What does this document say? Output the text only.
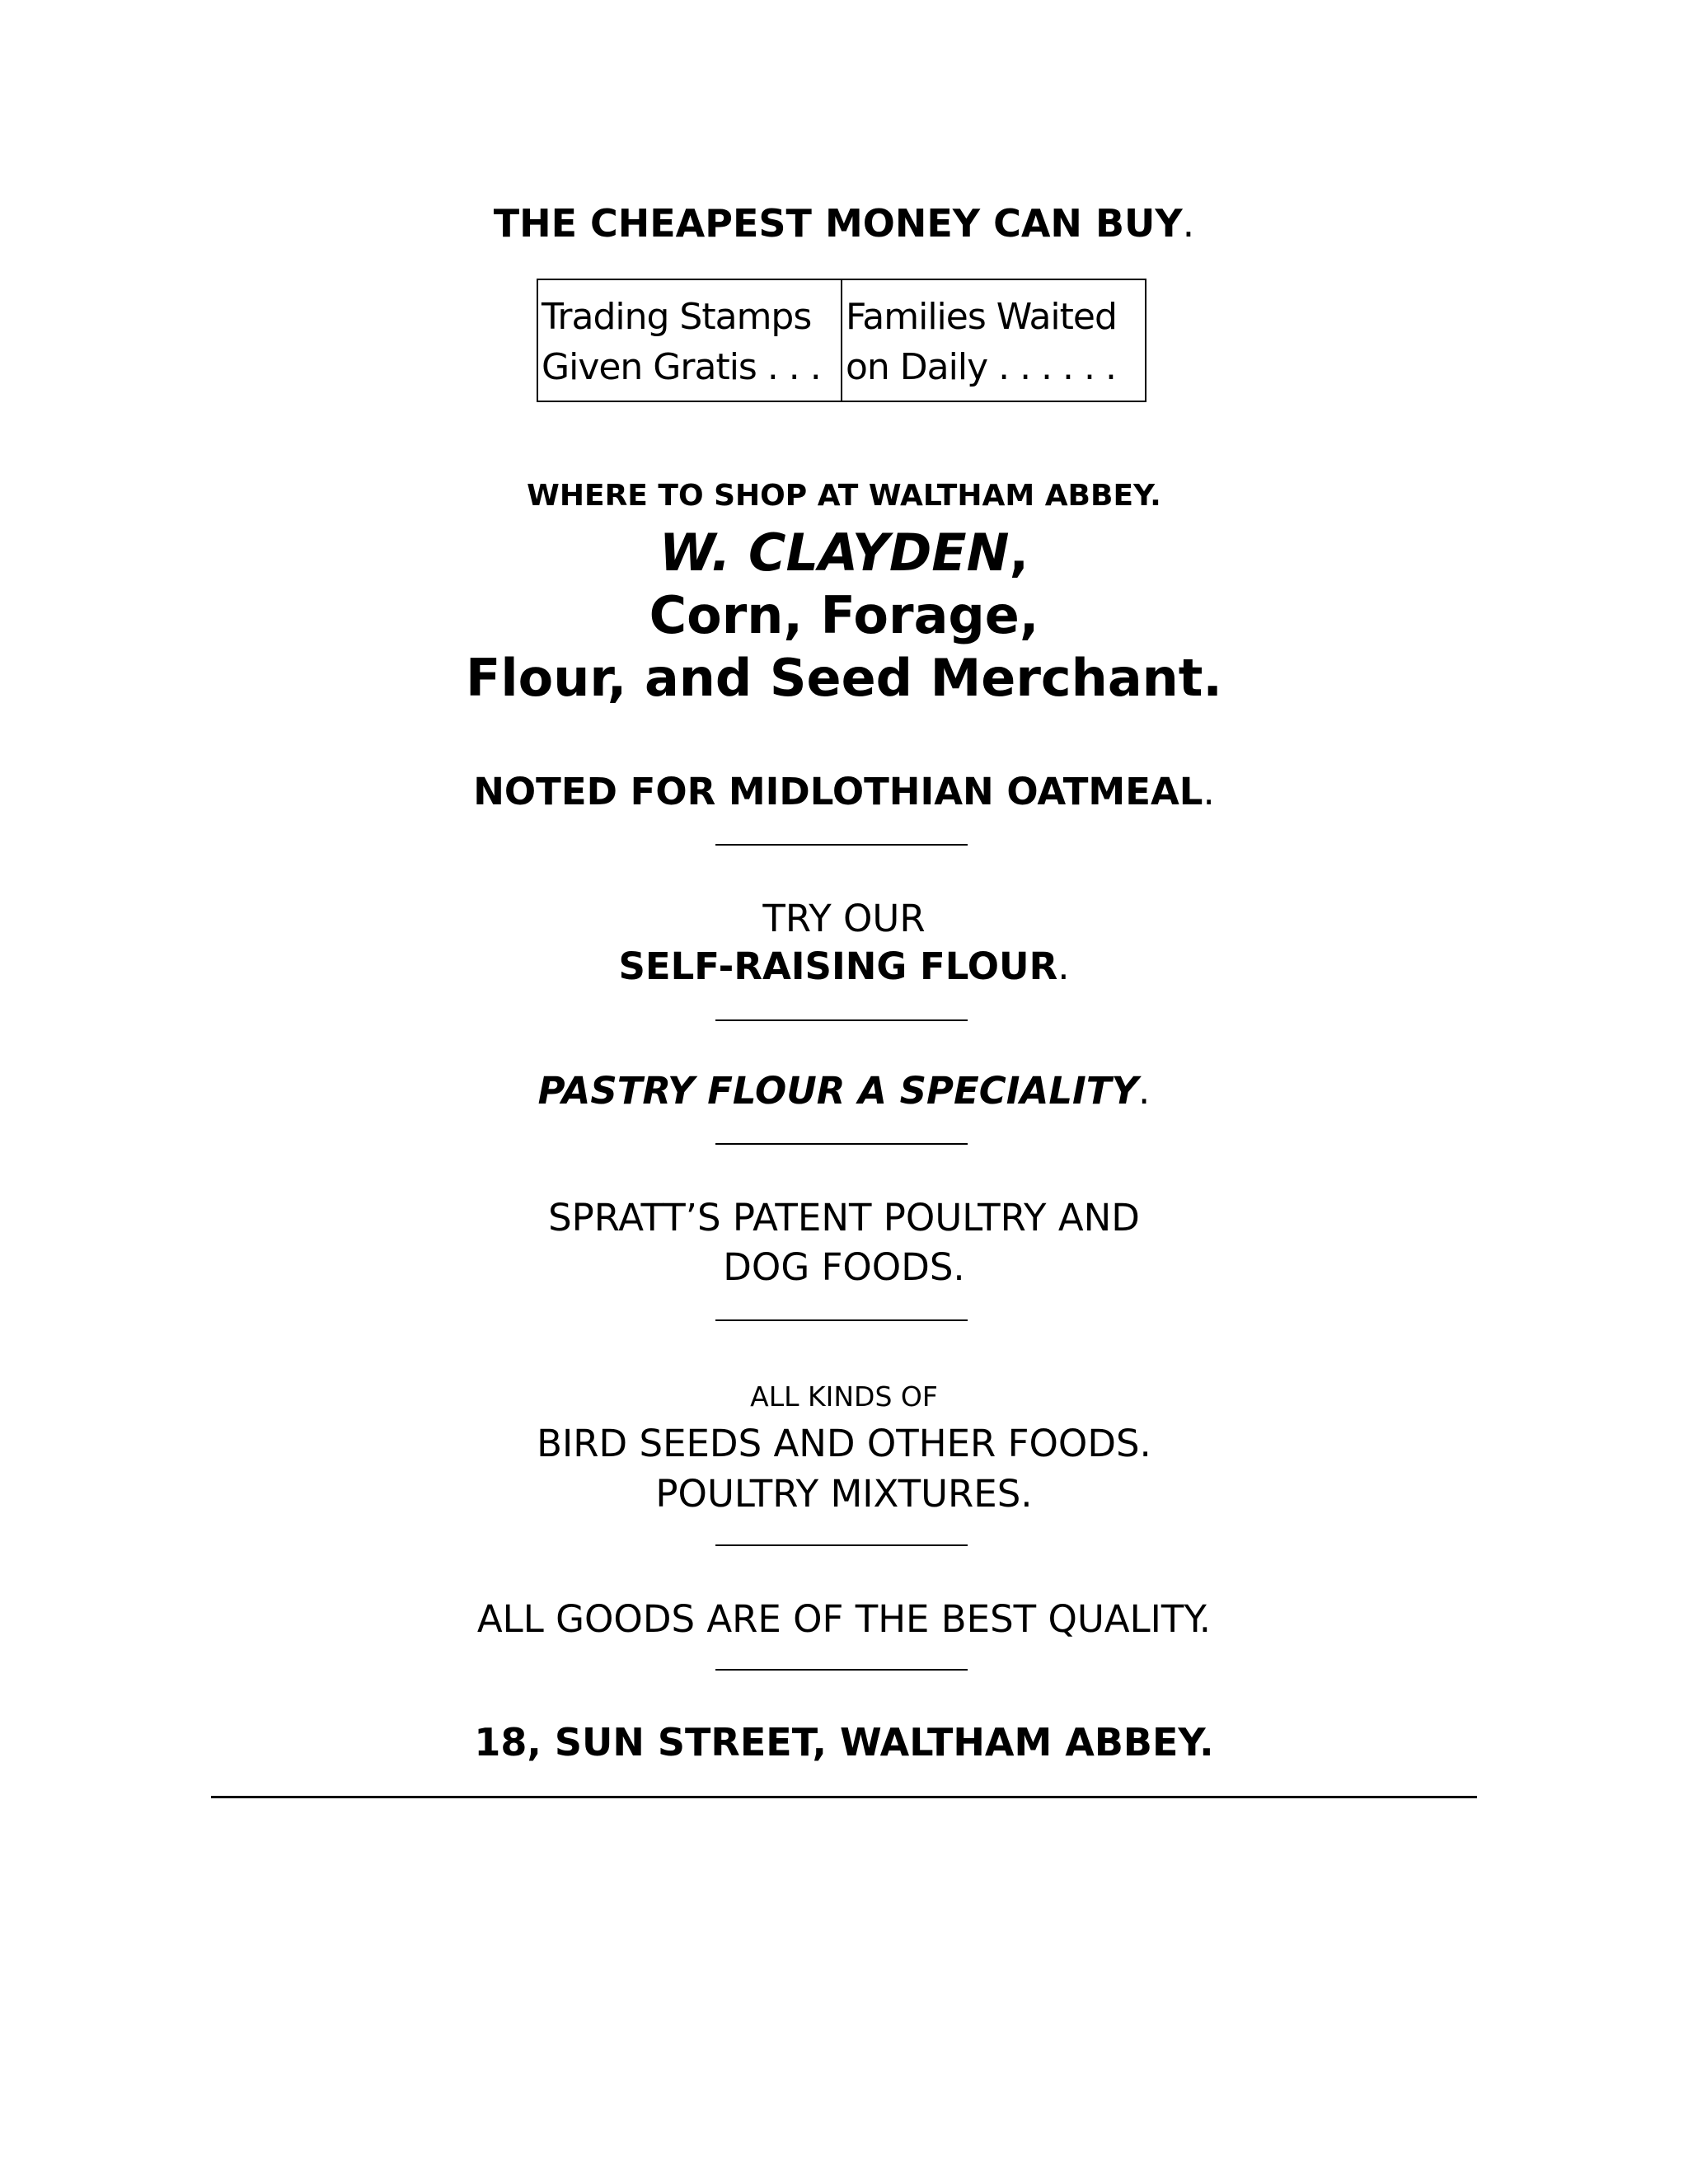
THE CHEAPEST MONEY CAN BUY.

Trading Stamps
Given Gratis . . .

Families Waited
on Daily . . . . . .

WHERE TO SHOP AT WALTHAM ABBEY.

W. CLAYDEN,

Corn, Forage,

Flour, and Seed Merchant.

NOTED FOR MIDLOTHIAN OATMEAL.

TRY OUR

SELF-RAISING FLOUR.

PASTRY FLOUR A SPECIALITY.

SPRATT’S PATENT POULTRY AND

DOG FOODS.

ALL KINDS OF

BIRD SEEDS AND OTHER FOODS.

POULTRY MIXTURES.

ALL GOODS ARE OF THE BEST QUALITY.

18, SUN STREET, WALTHAM ABBEY.
